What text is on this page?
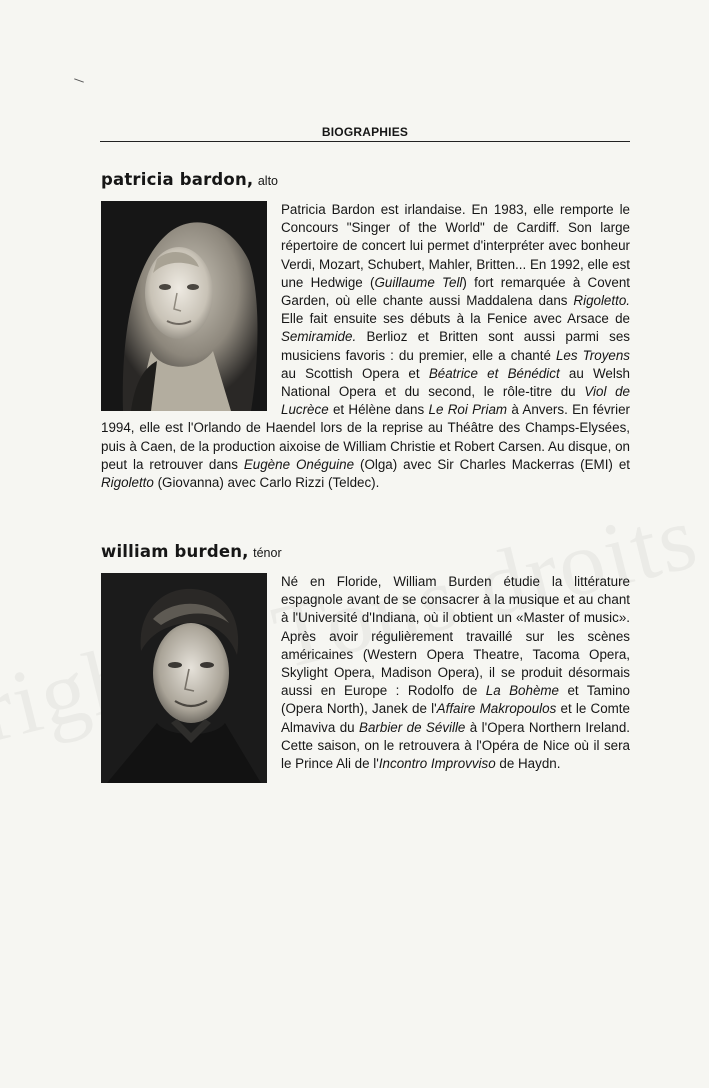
BIOGRAPHIES
patricia bardon, alto

Patricia Bardon est irlandaise. En 1983, elle remporte le Concours "Singer of the World" de Cardiff. Son large répertoire de concert lui permet d'interpréter avec bonheur Verdi, Mozart, Schubert, Mahler, Britten... En 1992, elle est une Hedwige (Guillaume Tell) fort remarquée à Covent Garden, où elle chante aussi Maddalena dans Rigoletto. Elle fait ensuite ses débuts à la Fenice avec Arsace de Semiramide. Berlioz et Britten sont aussi parmi ses musiciens favoris : du premier, elle a chanté Les Troyens au Scottish Opera et Béatrice et Bénédict au Welsh National Opera et du second, le rôle-titre du Viol de Lucrèce et Hélène dans Le Roi Priam à Anvers. En février 1994, elle est l'Orlando de Haendel lors de la reprise au Théâtre des Champs-Elysées, puis à Caen, de la production aixoise de William Christie et Robert Carsen. Au disque, on peut la retrouver dans Eugène Onéguine (Olga) avec Sir Charles Mackerras (EMI) et Rigoletto (Giovanna) avec Carlo Rizzi (Teldec).

william burden, ténor

Né en Floride, William Burden étudie la littérature espagnole avant de se consacrer à la musique et au chant à l'Université d'Indiana, où il obtient un «Master of music». Après avoir régulièrement travaillé sur les scènes américaines (Western Opera Theatre, Tacoma Opera, Skylight Opera, Madison Opera), il se produit désormais aussi en Europe : Rodolfo de La Bohème et Tamino (Opera North), Janek de l'Affaire Makropoulos et le Comte Almaviva du Barbier de Séville à l'Opera Northern Ireland. Cette saison, on le retrouvera à l'Opéra de Nice où il sera le Prince Ali de l'Incontro Improvviso de Haydn.
